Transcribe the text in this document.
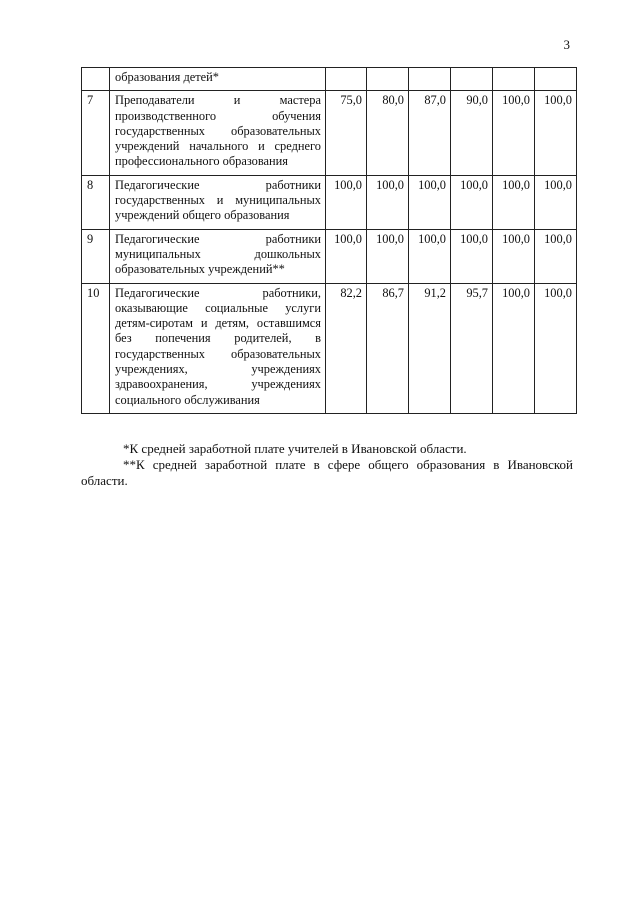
3
	образования детей*						
7	Преподаватели и мастера производственного обучения государственных образовательных учреждений начального и среднего профессионального образования	75,0	80,0	87,0	90,0	100,0	100,0
8	Педагогические работники государственных и муниципальных учреждений общего образования	100,0	100,0	100,0	100,0	100,0	100,0
9	Педагогические работники муниципальных дошкольных образовательных учреждений**	100,0	100,0	100,0	100,0	100,0	100,0
10	Педагогические работники, оказывающие социальные услуги детям-сиротам и детям, оставшимся без попечения родителей, в государственных образовательных учреждениях, учреждениях здравоохранения, учреждениях социального обслуживания	82,2	86,7	91,2	95,7	100,0	100,0

*К средней заработной плате учителей в Ивановской области.

**К средней заработной плате в сфере общего образования в Ивановской области.
